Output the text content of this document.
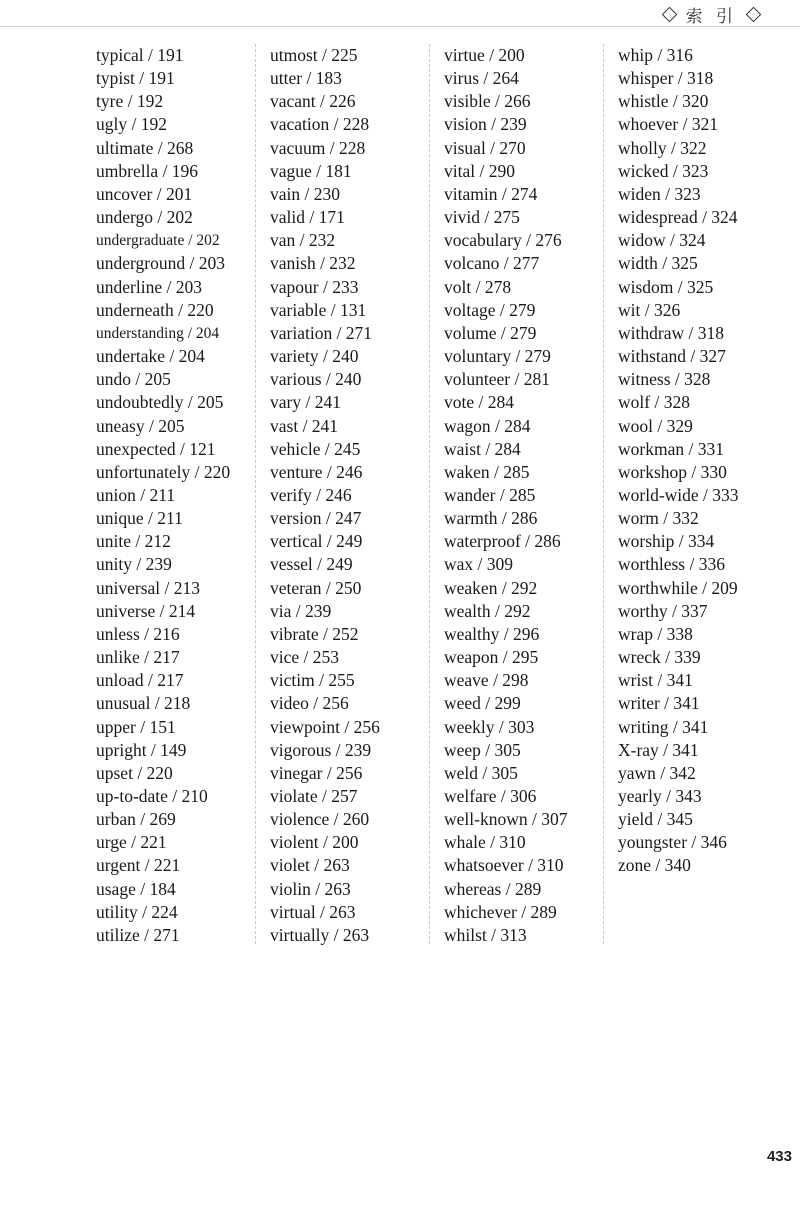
索 引
typical / 191
typist / 191
tyre / 192
ugly / 192
ultimate / 268
umbrella / 196
uncover / 201
undergo / 202
undergraduate / 202
underground / 203
underline / 203
underneath / 220
understanding / 204
undertake / 204
undo / 205
undoubtedly / 205
uneasy / 205
unexpected / 121
unfortunately / 220
union / 211
unique / 211
unite / 212
unity / 239
universal / 213
universe / 214
unless / 216
unlike / 217
unload / 217
unusual / 218
upper / 151
upright / 149
upset / 220
up-to-date / 210
urban / 269
urge / 221
urgent / 221
usage / 184
utility / 224
utilize / 271
utmost / 225
utter / 183
vacant / 226
vacation / 228
vacuum / 228
vague / 181
vain / 230
valid / 171
van / 232
vanish / 232
vapour / 233
variable / 131
variation / 271
variety / 240
various / 240
vary / 241
vast / 241
vehicle / 245
venture / 246
verify / 246
version / 247
vertical / 249
vessel / 249
veteran / 250
via / 239
vibrate / 252
vice / 253
victim / 255
video / 256
viewpoint / 256
vigorous / 239
vinegar / 256
violate / 257
violence / 260
violent / 200
violet / 263
violin / 263
virtual / 263
virtually / 263
virtue / 200
virus / 264
visible / 266
vision / 239
visual / 270
vital / 290
vitamin / 274
vivid / 275
vocabulary / 276
volcano / 277
volt / 278
voltage / 279
volume / 279
voluntary / 279
volunteer / 281
vote / 284
wagon / 284
waist / 284
waken / 285
wander / 285
warmth / 286
waterproof / 286
wax / 309
weaken / 292
wealth / 292
wealthy / 296
weapon / 295
weave / 298
weed / 299
weekly / 303
weep / 305
weld / 305
welfare / 306
well-known / 307
whale / 310
whatsoever / 310
whereas / 289
whichever / 289
whilst / 313
whip / 316
whisper / 318
whistle / 320
whoever / 321
wholly / 322
wicked / 323
widen / 323
widespread / 324
widow / 324
width / 325
wisdom / 325
wit / 326
withdraw / 318
withstand / 327
witness / 328
wolf / 328
wool / 329
workman / 331
workshop / 330
world-wide / 333
worm / 332
worship / 334
worthless / 336
worthwhile / 209
worthy / 337
wrap / 338
wreck / 339
wrist / 341
writer / 341
writing / 341
X-ray / 341
yawn / 342
yearly / 343
yield / 345
youngster / 346
zone / 340
433
